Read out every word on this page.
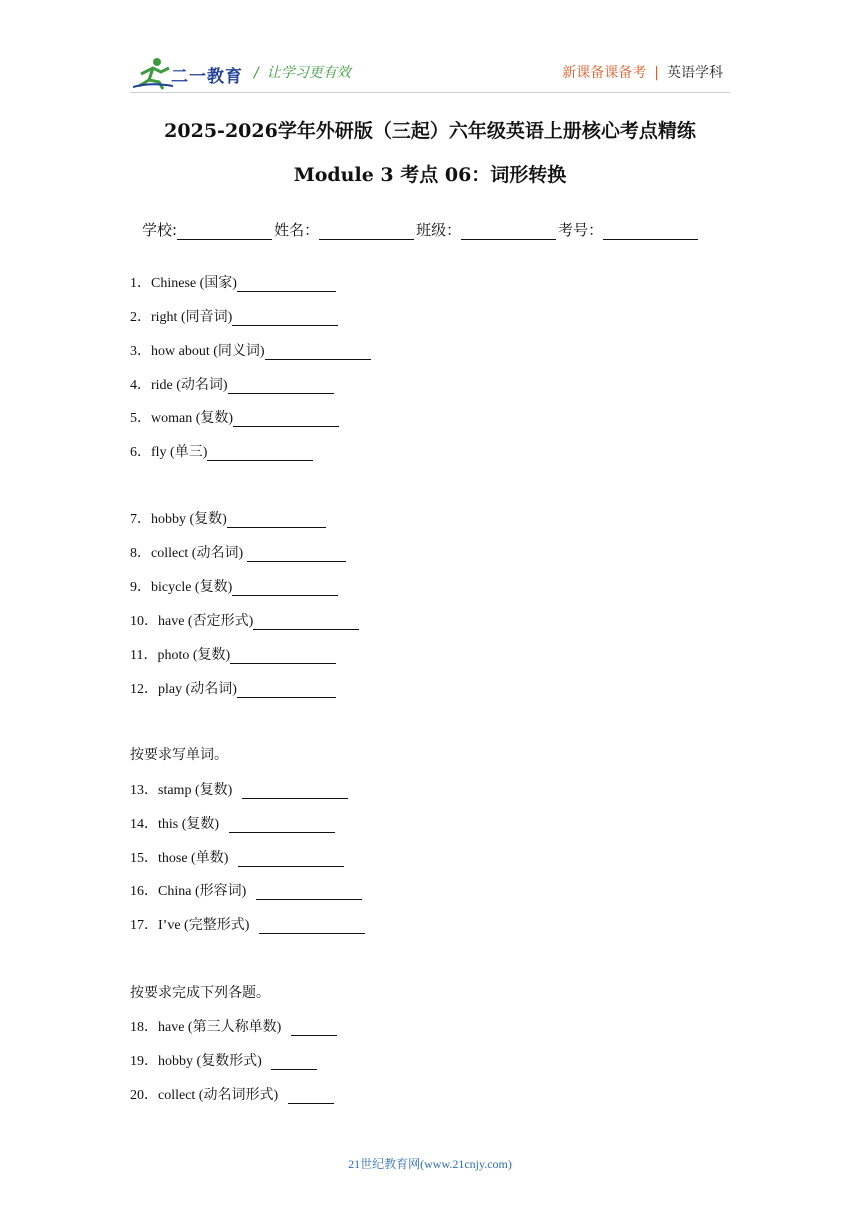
二一教育 / 让学习更有效	新课备课备考 | 英语学科
2025-2026学年外研版（三起）六年级英语上册核心考点精练
Module 3 考点 06：词形转换
学校:	姓名：	班级：	考号：
1．Chinese (国家)
2．right (同音词)
3．how about (同义词)
4．ride (动名词)
5．woman (复数)
6．fly (单三)
7．hobby (复数)
8．collect (动名词)
9．bicycle (复数)
10．have (否定形式)
11．photo (复数)
12．play (动名词)
按要求写单词。
13．stamp (复数)
14．this (复数)
15．those (单数)
16．China (形容词)
17．I’ve (完整形式)
按要求完成下列各题。
18．have (第三人称单数)
19．hobby (复数形式)
20．collect (动名词形式)
21世纪教育网(www.21cnjy.com)
